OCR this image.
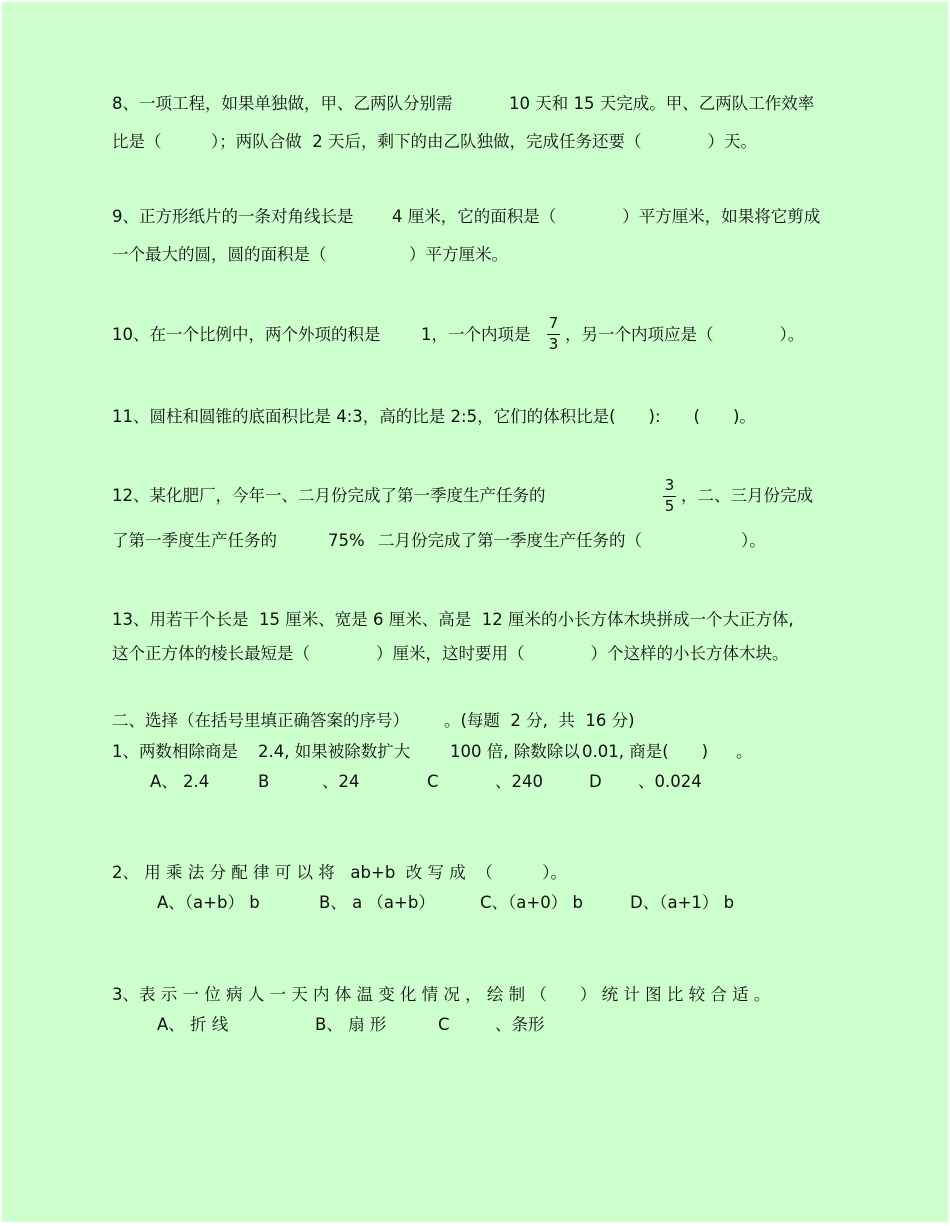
8、一项工程，如果单独做，甲、乙两队分别需	10 天和 15 天完成。甲、乙两队工作效率
比是（　　　）；两队合做  2 天后，剩下的由乙队独做，完成任务还要（　　　　）天。
9、正方形纸片的一条对角线长是 4 厘米，它的面积是（　　　　）平方厘米，如果将它剪成
一个最大的圆，圆的面积是（　　　　　）平方厘米。
10、在一个比例中，两个外项的积是 1，一个内项是
7
3 ，另一个内项应是（　　　　）。
11、圆柱和圆锥的底面积比是 4:3，高的比是 2:5，它们的体积比是(　　):　　(　　)。
12、某化肥厂，今年一、二月份完成了第一季度生产任务的
3
5
，二、三月份完成
了第一季度生产任务的	75% 二月份完成了第一季度生产任务的（　　　　　　）。
13、用若干个长是  15 厘米、宽是 6 厘米、高是  12 厘米的小长方体木块拼成一个大正方体,
这个正方体的棱长最短是（　　　　）厘米，这时要用（　　　　）个这样的小长方体木块。
二、选择（在括号里填正确答案的序号） 。(每题  2 分,  共  16 分)
1、两数相除商是 2.4, 如果被除数扩大 100 倍, 除数除以 0.01, 商是(　　) 。
A、 2.4	B	、24	C	、240	D 、0.024
2、 用 乘 法 分 配 律 可 以 将   ab+b  改 写 成  （　　　）。
A、（a+b） b	B、 a （a+b）	C、（a+0） b	D、（a+1） b
3、表 示 一 位 病 人 一 天 内 体 温 变 化 情 况 ， 绘 制 （　　） 统 计 图 比 较 合 适 。
A、 折 线	B、 扇 形	C	、条形
